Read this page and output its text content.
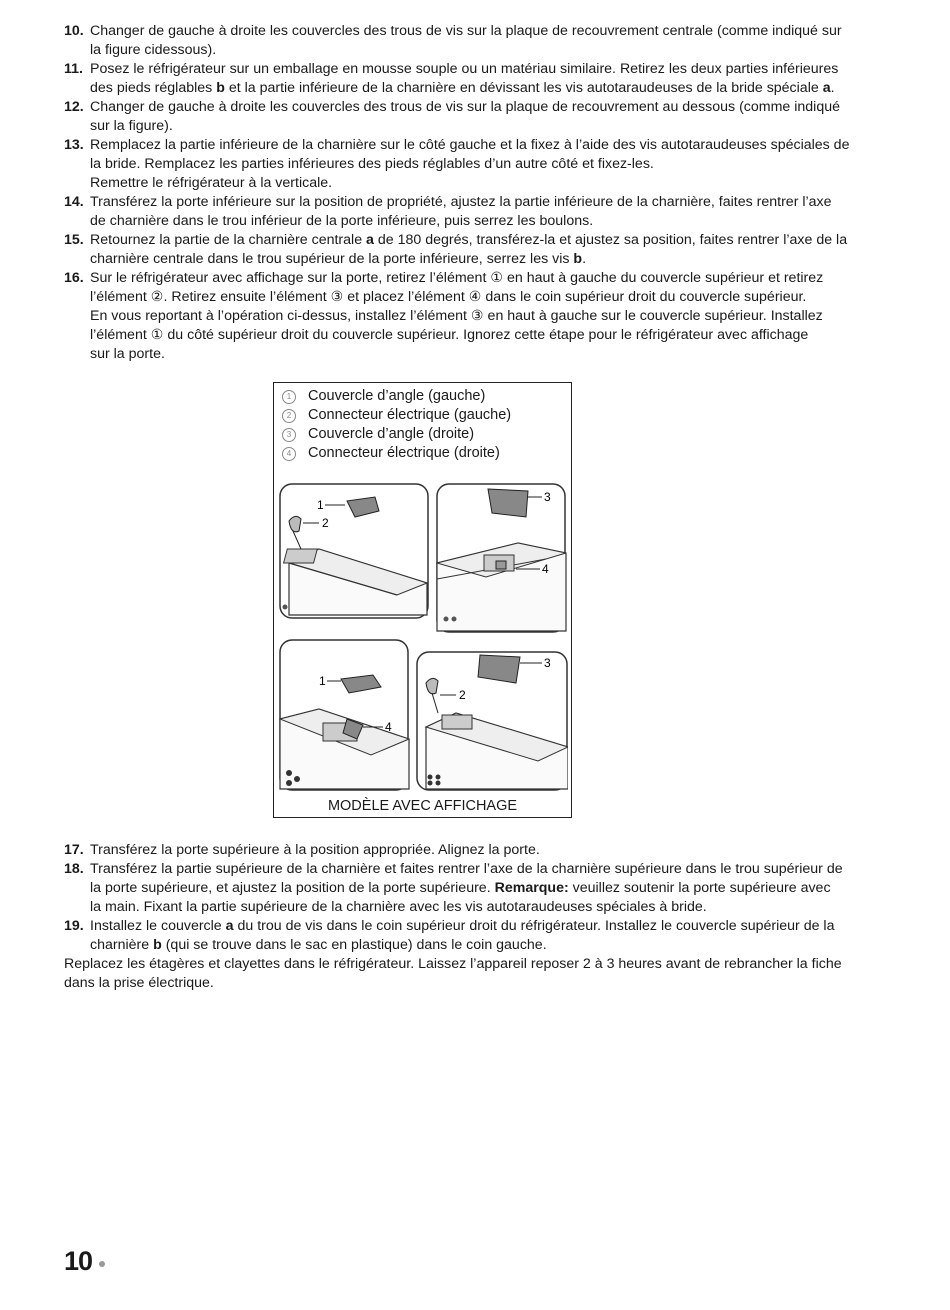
10. Changer de gauche à droite les couvercles des trous de vis sur la plaque de recouvrement centrale (comme indiqué sur
la figure cidessous).
11. Posez le réfrigérateur sur un emballage en mousse souple ou un matériau similaire. Retirez les deux parties inférieures
des pieds réglables b et la partie inférieure de la charnière en dévissant les vis autotaraudeuses de la bride spéciale a.
12. Changer de gauche à droite les couvercles des trous de vis sur la plaque de recouvrement au dessous (comme indiqué
sur la figure).
13. Remplacez la partie inférieure de la charnière sur le côté gauche et la fixez à l’aide des vis autotaraudeuses spéciales de
la bride. Remplacez les parties inférieures des pieds réglables d’un autre côté et fixez-les.
Remettre le réfrigérateur à la verticale.
14. Transférez la porte inférieure sur la position de propriété, ajustez la partie inférieure de la charnière, faites rentrer l’axe
de charnière dans le trou inférieur de la porte inférieure, puis serrez les boulons.
15. Retournez la partie de la charnière centrale a de 180 degrés, transférez-la et ajustez sa position, faites rentrer l’axe de la
charnière centrale dans le trou supérieur de la porte inférieure, serrez les vis b.
16. Sur le réfrigérateur avec affichage sur la porte, retirez l’élément ① en haut à gauche du couvercle supérieur et retirez
l’élément ②. Retirez ensuite l’élément ③ et placez l’élément ④ dans le coin supérieur droit du couvercle supérieur.
En vous reportant à l’opération ci-dessus, installez l’élément ③ en haut à gauche sur le couvercle supérieur. Installez
l’élément ① du côté supérieur droit du couvercle supérieur. Ignorez cette étape pour le réfrigérateur avec affichage
sur la porte.
1	Couvercle d’angle (gauche)
2	Connecteur électrique (gauche)
3	Couvercle d’angle (droite)
4	Connecteur électrique (droite)
1
2
3
4
1
4
3
2
MODÈLE AVEC AFFICHAGE
17. Transférez la porte supérieure à la position appropriée. Alignez la porte.
18. Transférez la partie supérieure de la charnière et faites rentrer l’axe de la charnière supérieure dans le trou supérieur de
la porte supérieure, et ajustez la position de la porte supérieure. Remarque: veuillez soutenir la porte supérieure avec
la main. Fixant la partie supérieure de la charnière avec les vis autotaraudeuses spéciales à bride.
19. Installez le couvercle a du trou de vis dans le coin supérieur droit du réfrigérateur. Installez le couvercle supérieur de la
charnière b (qui se trouve dans le sac en plastique) dans le coin gauche.
Replacez les étagères et clayettes dans le réfrigérateur. Laissez l’appareil reposer 2 à 3 heures avant de rebrancher la fiche
dans la prise électrique.
10
